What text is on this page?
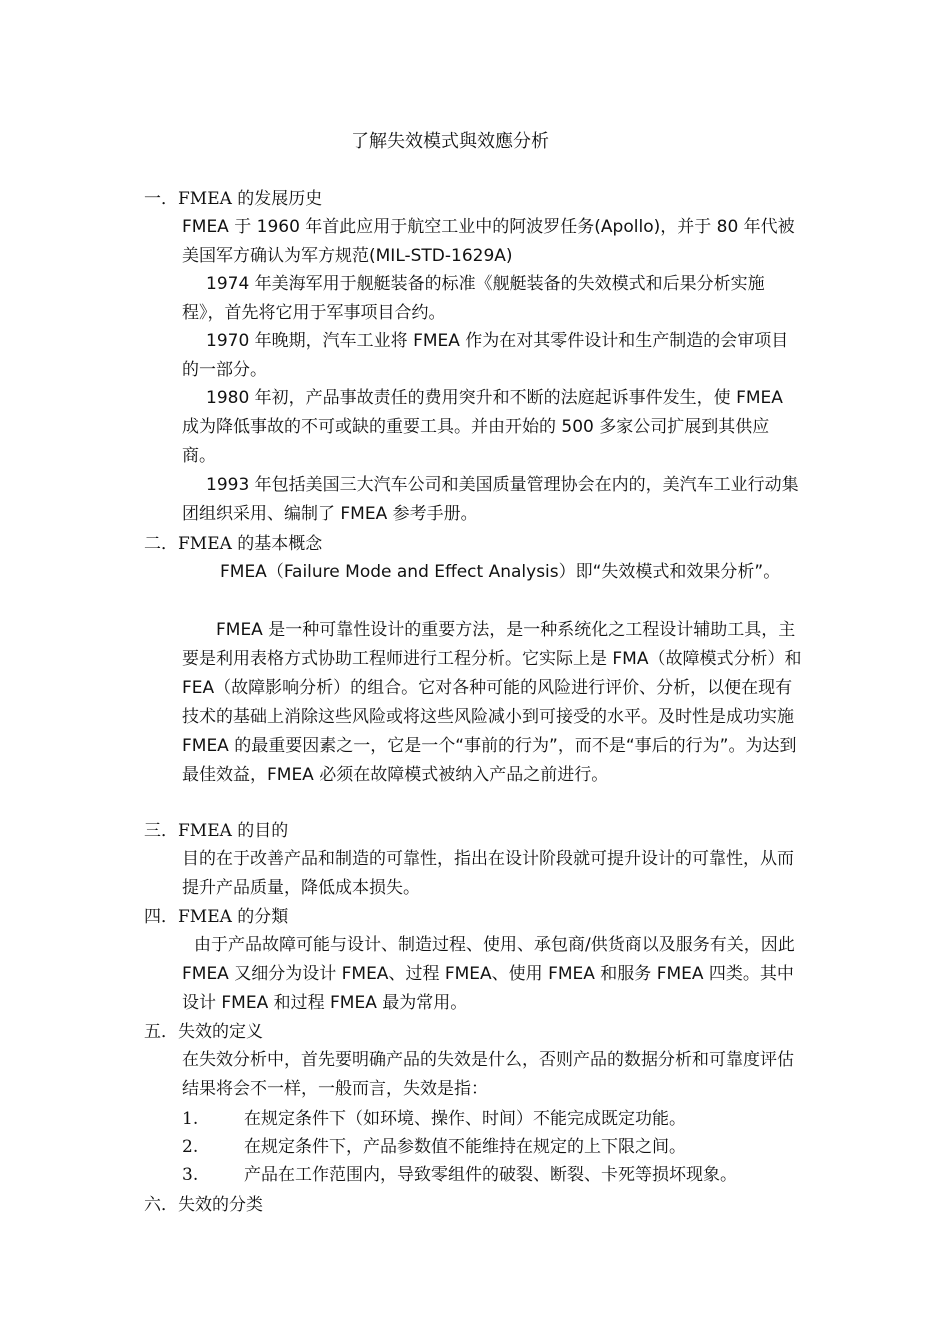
了解失效模式與效應分析
一．FMEA 的发展历史
FMEA 于 1960 年首此应用于航空工业中的阿波罗任务(Apollo)，并于 80 年代被美国军方确认为军方规范(MIL-STD-1629A)
1974 年美海军用于舰艇装备的标准《舰艇装备的失效模式和后果分析实施程》，首先将它用于军事项目合约。
1970 年晚期，汽车工业将 FMEA 作为在对其零件设计和生产制造的会审项目的一部分。
1980 年初，产品事故责任的费用突升和不断的法庭起诉事件发生，使 FMEA 成为降低事故的不可或缺的重要工具。并由开始的 500 多家公司扩展到其供应商。
1993 年包括美国三大汽车公司和美国质量管理协会在内的，美汽车工业行动集团组织采用、编制了 FMEA 参考手册。
二．FMEA 的基本概念
FMEA（Failure Mode and Effect Analysis）即“失效模式和效果分析”。
FMEA 是一种可靠性设计的重要方法，是一种系统化之工程设计辅助工具，主要是利用表格方式协助工程师进行工程分析。它实际上是 FMA（故障模式分析）和 FEA（故障影响分析）的组合。它对各种可能的风险进行评价、分析，以便在现有技术的基础上消除这些风险或将这些风险减小到可接受的水平。及时性是成功实施 FMEA 的最重要因素之一，它是一个“事前的行为”，而不是“事后的行为”。为达到最佳效益，FMEA 必须在故障模式被纳入产品之前进行。
三．FMEA 的目的
目的在于改善产品和制造的可靠性，指出在设计阶段就可提升设计的可靠性，从而提升产品质量，降低成本损失。
四．FMEA 的分類
由于产品故障可能与设计、制造过程、使用、承包商/供货商以及服务有关，因此 FMEA 又细分为设计 FMEA、过程 FMEA、使用 FMEA 和服务 FMEA 四类。其中设计 FMEA 和过程 FMEA 最为常用。
五．失效的定义
在失效分析中，首先要明确产品的失效是什么，否则产品的数据分析和可靠度评估结果将会不一样，一般而言，失效是指：
1.	在规定条件下（如环境、操作、时间）不能完成既定功能。
2.	在规定条件下，产品参数值不能维持在规定的上下限之间。
3.	产品在工作范围内，导致零组件的破裂、断裂、卡死等损坏现象。
六．失效的分类
